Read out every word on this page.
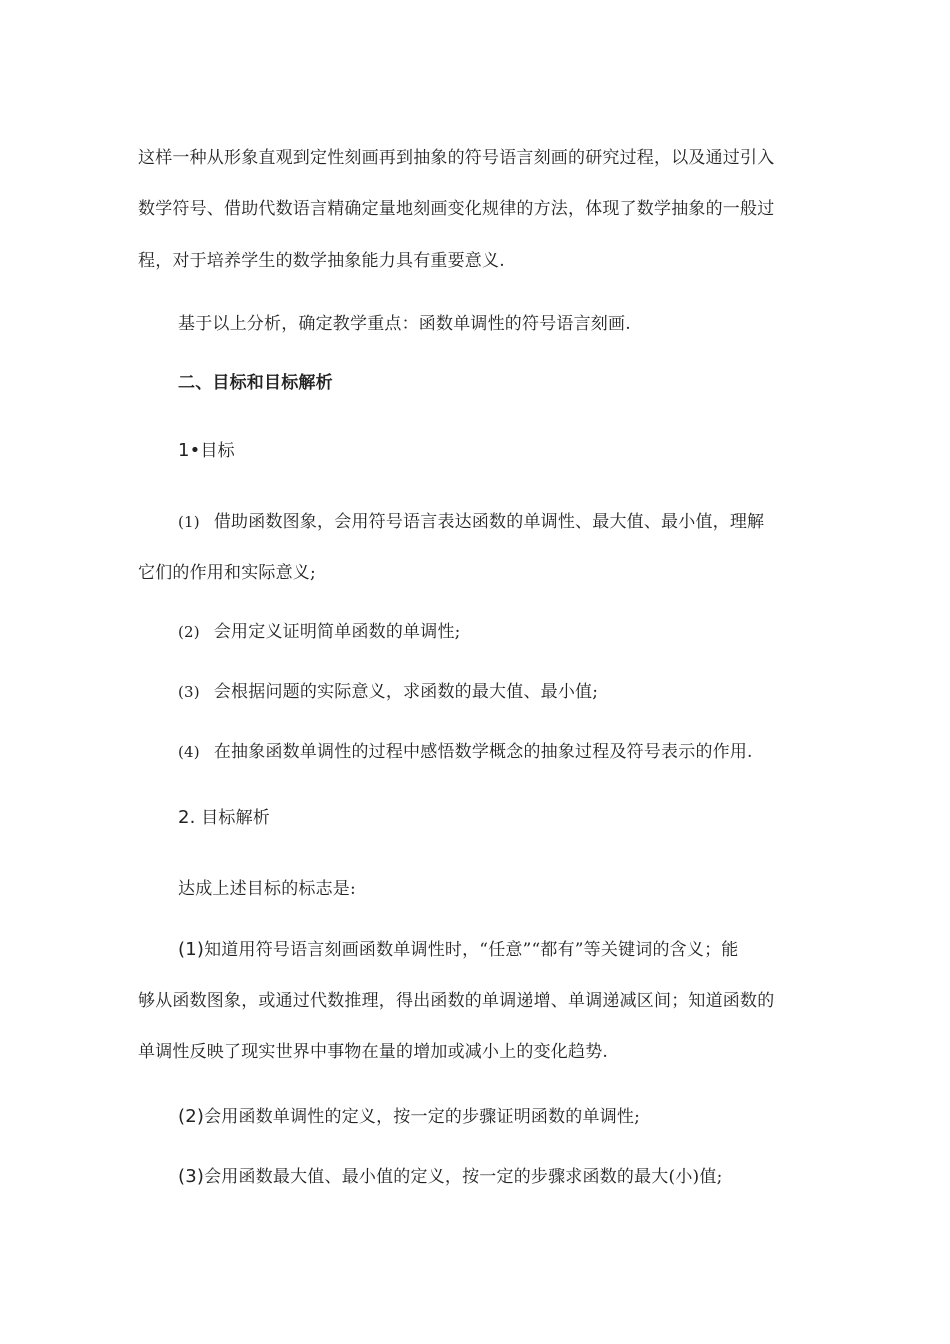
这样一种从形象直观到定性刻画再到抽象的符号语言刻画的研究过程，以及通过引入
数学符号、借助代数语言精确定量地刻画变化规律的方法，体现了数学抽象的一般过
程，对于培养学生的数学抽象能力具有重要意义.
基于以上分析，确定教学重点：函数单调性的符号语言刻画.
二、目标和目标解析
1•目标
(1) 借助函数图象，会用符号语言表达函数的单调性、最大值、最小值，理解
它们的作用和实际意义;
(2) 会用定义证明简单函数的单调性;
(3) 会根据问题的实际意义，求函数的最大值、最小值;
(4) 在抽象函数单调性的过程中感悟数学概念的抽象过程及符号表示的作用.
2. 目标解析
达成上述目标的标志是:
(1)知道用符号语言刻画函数单调性时，“任意”“都有”等关键词的含义；能
够从函数图象，或通过代数推理，得出函数的单调递增、单调递减区间；知道函数的
单调性反映了现实世界中事物在量的增加或减小上的变化趋势.
(2)会用函数单调性的定义，按一定的步骤证明函数的单调性;
(3)会用函数最大值、最小值的定义，按一定的步骤求函数的最大(小)值;
